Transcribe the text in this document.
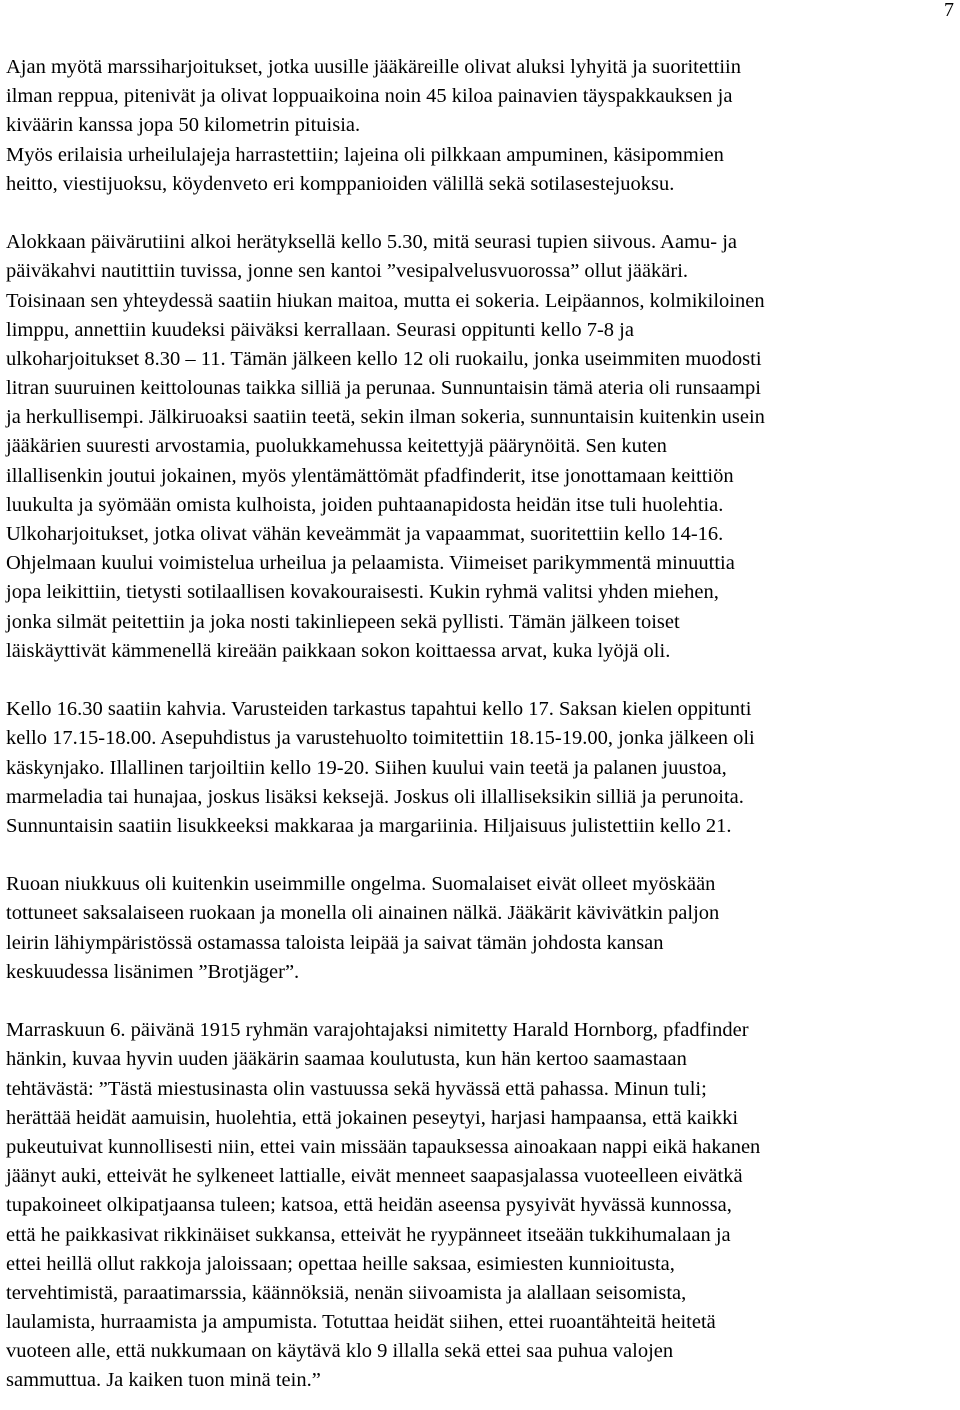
7
Ajan myötä marssiharjoitukset, jotka uusille jääkäreille olivat aluksi lyhyitä ja suoritettiin
ilman reppua, pitenivät ja olivat loppuaikoina noin 45 kiloa painavien täyspakkauksen ja
kiväärin kanssa jopa 50 kilometrin pituisia.
Myös erilaisia urheilulajeja harrastettiin; lajeina oli pilkkaan ampuminen, käsipommien
heitto, viestijuoksu, köydenveto eri komppanioiden välillä sekä sotilasestejuoksu.
Alokkaan päivärutiini alkoi herätyksellä kello 5.30, mitä seurasi tupien siivous. Aamu- ja
päiväkahvi nautittiin tuvissa, jonne sen kantoi ”vesipalvelusvuorossa” ollut jääkäri.
Toisinaan sen yhteydessä saatiin hiukan maitoa, mutta ei sokeria. Leipäannos, kolmikiloinen
limppu, annettiin kuudeksi päiväksi kerrallaan. Seurasi oppitunti kello 7-8 ja
ulkoharjoitukset 8.30 – 11. Tämän jälkeen kello 12 oli ruokailu, jonka useimmiten muodosti
litran suuruinen keittolounas taikka silliä ja perunaa. Sunnuntaisin tämä ateria oli runsaampi
ja herkullisempi. Jälkiruoaksi saatiin teetä, sekin ilman sokeria, sunnuntaisin kuitenkin usein
jääkärien suuresti arvostamia, puolukkamehussa keitettyjä päärynöitä. Sen kuten
illallisenkin joutui jokainen, myös ylentämättömät pfadfinderit, itse jonottamaan keittiön
luukulta ja syömään omista kulhoista, joiden puhtaanapidosta heidän itse tuli huolehtia.
Ulkoharjoitukset, jotka olivat vähän keveämmät ja vapaammat, suoritettiin kello 14-16.
Ohjelmaan kuului voimistelua urheilua ja pelaamista. Viimeiset parikymmentä minuuttia
jopa leikittiin, tietysti sotilaallisen kovakouraisesti. Kukin ryhmä valitsi yhden miehen,
jonka silmät peitettiin ja joka nosti takinliepeen sekä pyllisti. Tämän jälkeen toiset
läiskäyttivät kämmenellä kireään paikkaan sokon koittaessa arvat, kuka lyöjä oli.
Kello 16.30 saatiin kahvia. Varusteiden tarkastus tapahtui kello 17. Saksan kielen oppitunti
kello 17.15-18.00. Asepuhdistus ja varustehuolto toimitettiin 18.15-19.00, jonka jälkeen oli
käskynjako. Illallinen tarjoiltiin kello 19-20. Siihen kuului vain teetä ja palanen juustoa,
marmeladia tai hunajaa, joskus lisäksi keksejä. Joskus oli illalliseksikin silliä ja perunoita.
Sunnuntaisin saatiin lisukkeeksi makkaraa ja margariinia. Hiljaisuus julistettiin kello 21.
Ruoan niukkuus oli kuitenkin useimmille ongelma. Suomalaiset eivät olleet myöskään
tottuneet saksalaiseen ruokaan ja monella oli ainainen nälkä. Jääkärit kävivätkin paljon
leirin lähiympäristössä ostamassa taloista leipää ja saivat tämän johdosta kansan
keskuudessa lisänimen ”Brotjäger”.
Marraskuun 6. päivänä 1915 ryhmän varajohtajaksi nimitetty Harald Hornborg, pfadfinder
hänkin, kuvaa hyvin uuden jääkärin saamaa koulutusta, kun hän kertoo saamastaan
tehtävästä: ”Tästä miestusinasta olin vastuussa sekä hyvässä että pahassa. Minun tuli;
herättää heidät aamuisin, huolehtia, että jokainen peseytyi, harjasi hampaansa, että kaikki
pukeutuivat kunnollisesti niin, ettei vain missään tapauksessa ainoakaan nappi eikä hakanen
jäänyt auki, etteivät he sylkeneet lattialle, eivät menneet saapasjalassa vuoteelleen eivätkä
tupakoineet olkipatjaansa tuleen; katsoa, että heidän aseensa pysyivät hyvässä kunnossa,
että he paikkasivat rikkinäiset sukkansa, etteivät he ryypänneet itseään tukkihumalaan ja
ettei heillä ollut rakkoja jaloissaan; opettaa heille saksaa, esimiesten kunnioitusta,
tervehtimistä, paraatimarssia, käännöksiä, nenän siivoamista ja alallaan seisomista,
laulamista, hurraamista ja ampumista. Totuttaa heidät siihen, ettei ruoantähteitä heitetä
vuoteen alle, että nukkumaan on käytävä klo 9 illalla sekä ettei saa puhua valojen
sammuttua. Ja kaiken tuon minä tein.”
